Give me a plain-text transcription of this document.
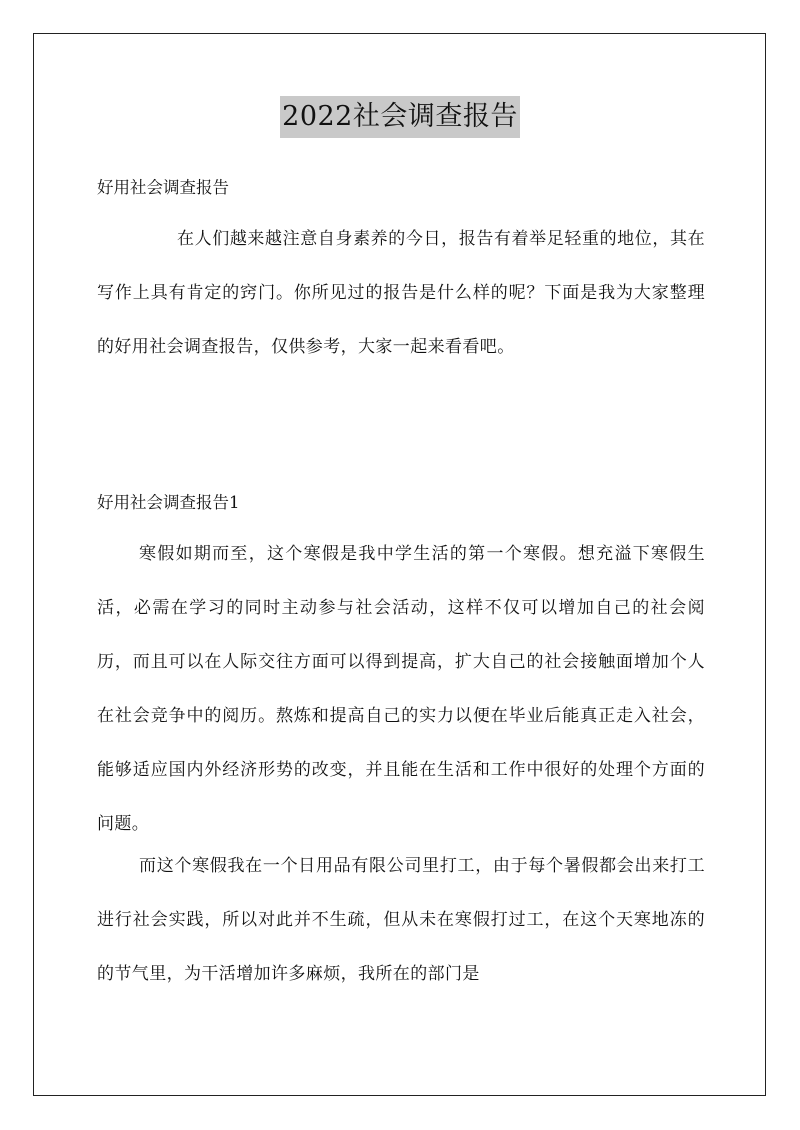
2022社会调查报告
好用社会调查报告

在人们越来越注意自身素养的今日，报告有着举足轻重的地位，其在写作上具有肯定的窍门。你所见过的报告是什么样的呢？下面是我为大家整理的好用社会调查报告，仅供参考，大家一起来看看吧。

好用社会调查报告1

寒假如期而至，这个寒假是我中学生活的第一个寒假。想充溢下寒假生活，必需在学习的同时主动参与社会活动，这样不仅可以增加自己的社会阅历，而且可以在人际交往方面可以得到提高，扩大自己的社会接触面增加个人在社会竞争中的阅历。熬炼和提高自己的实力以便在毕业后能真正走入社会，能够适应国内外经济形势的改变，并且能在生活和工作中很好的处理个方面的问题。

而这个寒假我在一个日用品有限公司里打工，由于每个暑假都会出来打工进行社会实践，所以对此并不生疏，但从未在寒假打过工，在这个天寒地冻的的节气里，为干活增加许多麻烦，我所在的部门是
